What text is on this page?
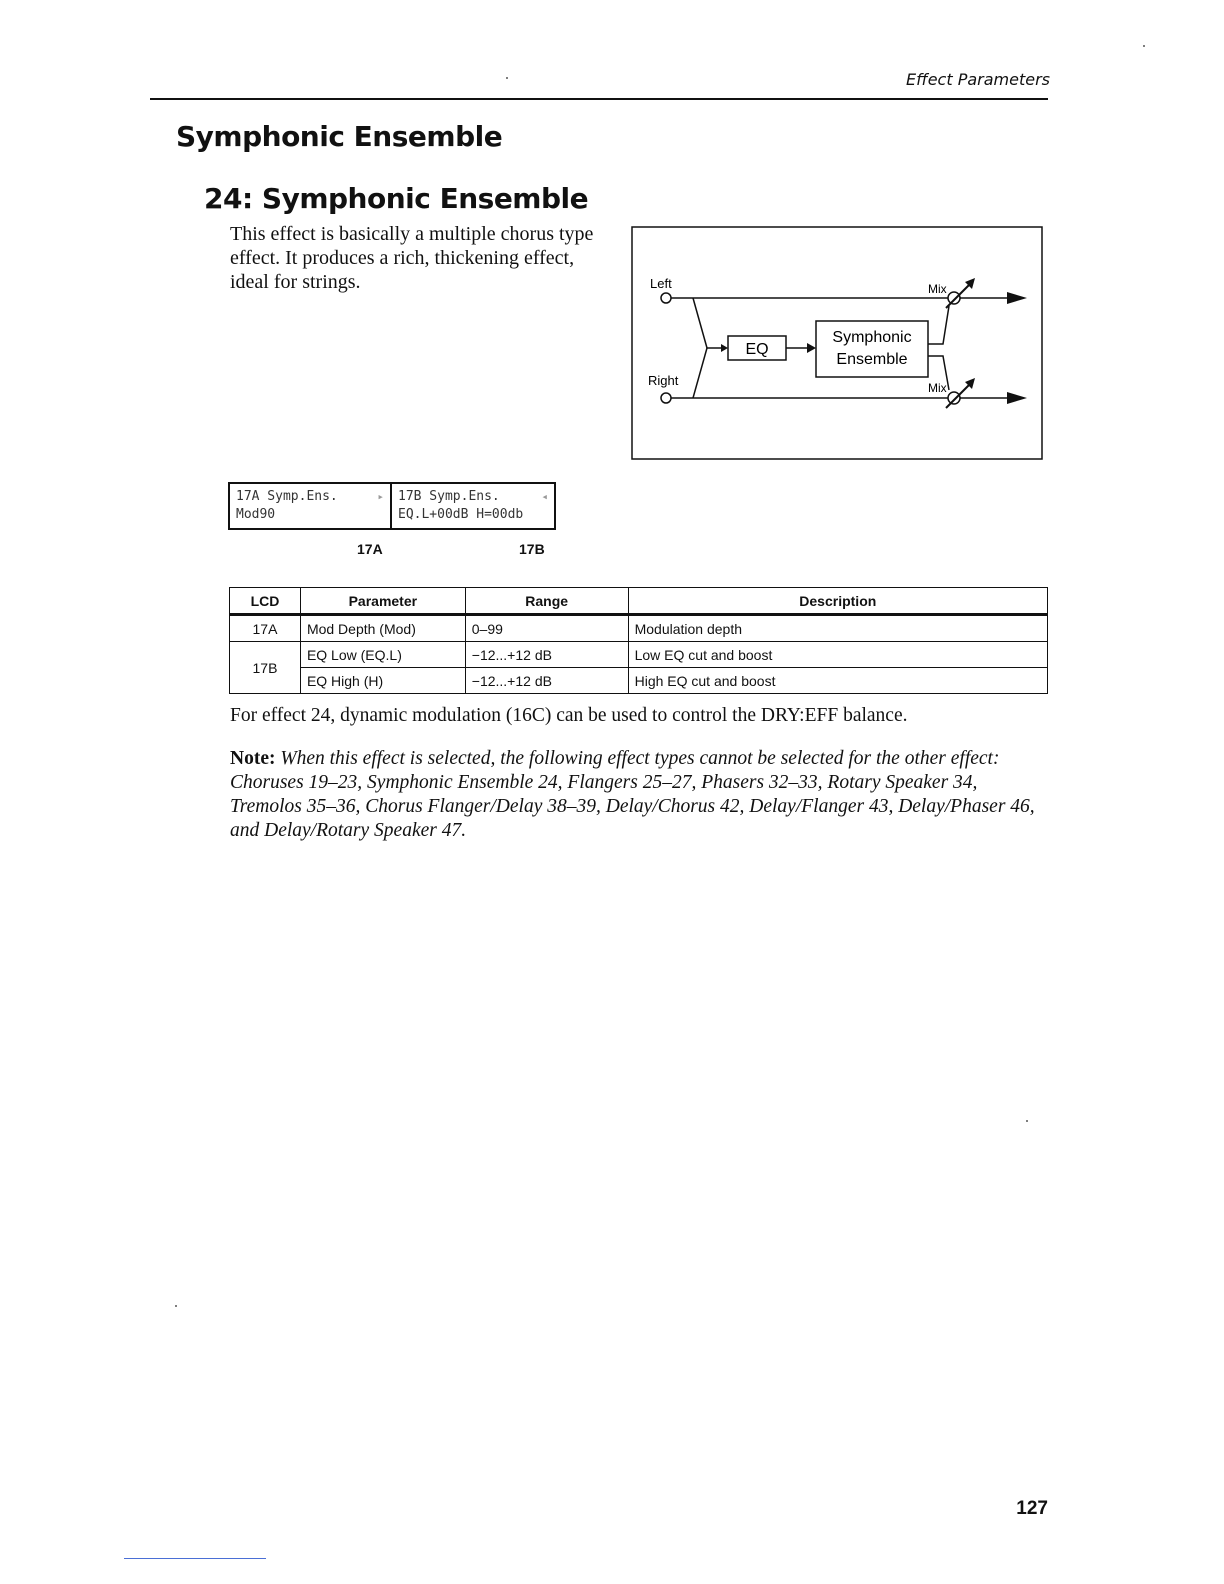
Effect Parameters
Symphonic Ensemble
24: Symphonic Ensemble
This effect is basically a multiple chorus type effect. It produces a rich, thickening effect, ideal for strings.	Left
Right
EQ
Symphonic
Ensemble
Mix
Mix
17A Symp.Ens.
Mod90
▸ 17B Symp.Ens.
EQ.L+00dB H=00db
◂
17A	17B
LCD	Parameter	Range	Description
17A	Mod Depth (Mod)	0–99	Modulation depth
17B	EQ Low (EQ.L)	−12...+12 dB	Low EQ cut and boost
	EQ High (H)	−12...+12 dB	High EQ cut and boost
For effect 24, dynamic modulation (16C) can be used to control the DRY:EFF balance.
Note: When this effect is selected, the following effect types cannot be selected for the other effect: Choruses 19–23, Symphonic Ensemble 24, Flangers 25–27, Phasers 32–33, Rotary Speaker 34, Tremolos 35–36, Chorus Flanger/Delay 38–39, Delay/Chorus 42, Delay/Flanger 43, Delay/Phaser 46, and Delay/Rotary Speaker 47.
127
